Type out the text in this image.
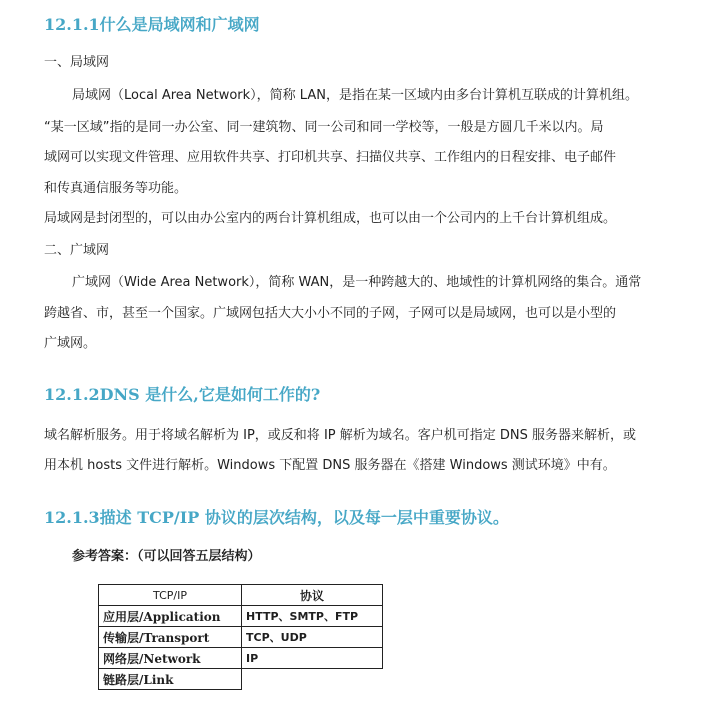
12.1.1什么是局域网和广域网
一、局域网
局域网（Local Area Network），简称 LAN，是指在某一区域内由多台计算机互联成的计算机组。
“某一区域”指的是同一办公室、同一建筑物、同一公司和同一学校等，一般是方圆几千米以内。局
域网可以实现文件管理、应用软件共享、打印机共享、扫描仪共享、工作组内的日程安排、电子邮件
和传真通信服务等功能。
局域网是封闭型的，可以由办公室内的两台计算机组成，也可以由一个公司内的上千台计算机组成。
二、广域网
广域网（Wide Area Network），简称 WAN，是一种跨越大的、地域性的计算机网络的集合。通常
跨越省、市，甚至一个国家。广域网包括大大小小不同的子网，子网可以是局域网，也可以是小型的
广域网。
12.1.2DNS 是什么,它是如何工作的?
域名解析服务。用于将域名解析为 IP，或反和将 IP 解析为域名。客户机可指定 DNS 服务器来解析，或
用本机 hosts 文件进行解析。Windows 下配置 DNS 服务器在《搭建 Windows 测试环境》中有。
12.1.3描述 TCP/IP 协议的层次结构，以及每一层中重要协议。
参考答案：（可以回答五层结构）
TCP/IP	协议
应用层/Application	HTTP、SMTP、FTP
传输层/Transport	TCP、UDP
网络层/Network	IP
链路层/Link	
